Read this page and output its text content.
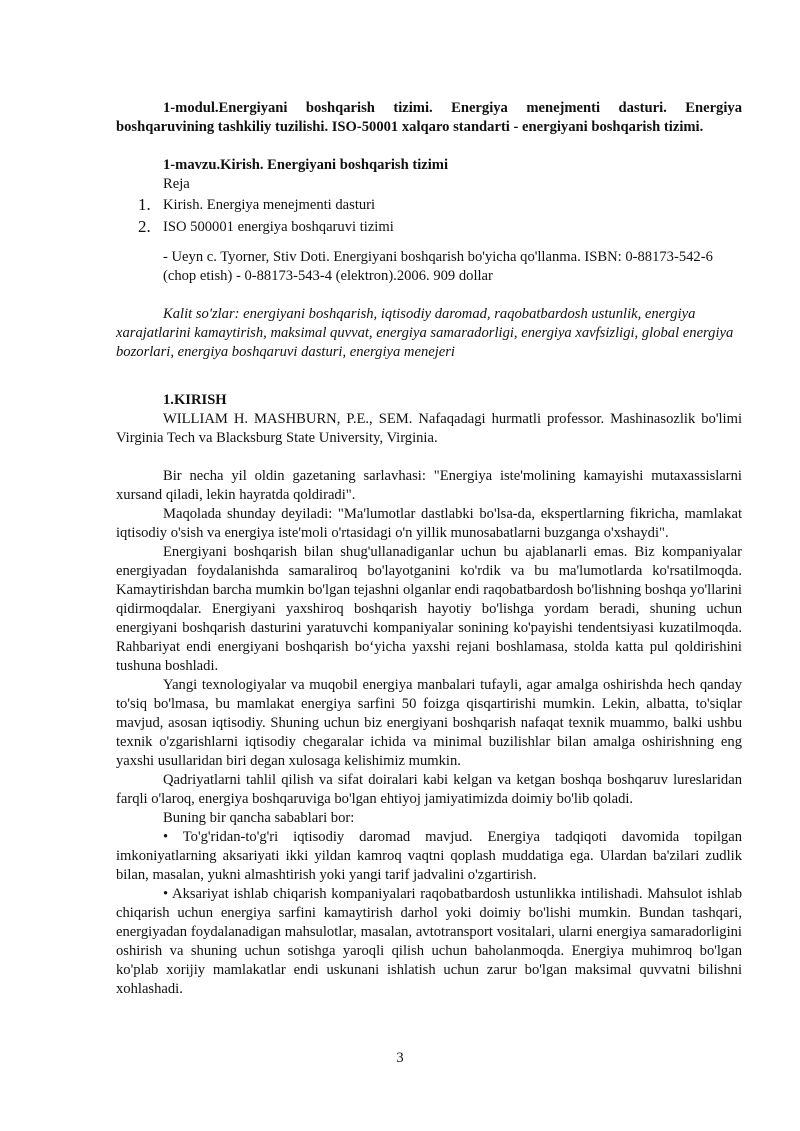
1-modul.Energiyani boshqarish tizimi. Energiya menejmenti dasturi. Energiya boshqaruvining tashkiliy tuzilishi. ISO-50001 xalqaro standarti - energiyani boshqarish tizimi.

1-mavzu.Kirish. Energiyani boshqarish tizimi

Reja

1. Kirish. Energiya menejmenti dasturi
2. ISO 500001 energiya boshqaruvi tizimi

- Ueyn c. Tyorner, Stiv Doti. Energiyani boshqarish bo'yicha qo'llanma. ISBN: 0-88173-542-6 (chop etish) - 0-88173-543-4 (elektron).2006. 909 dollar

Kalit so'zlar: energiyani boshqarish, iqtisodiy daromad, raqobatbardosh ustunlik, energiya xarajatlarini kamaytirish, maksimal quvvat, energiya samaradorligi, energiya xavfsizligi, global energiya bozorlari, energiya boshqaruvi dasturi, energiya menejeri

1.KIRISH

WILLIAM H. MASHBURN, P.E., SEM. Nafaqadagi hurmatli professor. Mashinasozlik bo'limi Virginia Tech va Blacksburg State University, Virginia.

Bir necha yil oldin gazetaning sarlavhasi: "Energiya iste'molining kamayishi mutaxassislarni xursand qiladi, lekin hayratda qoldiradi".

Maqolada shunday deyiladi: "Ma'lumotlar dastlabki bo'lsa-da, ekspertlarning fikricha, mamlakat iqtisodiy o'sish va energiya iste'moli o'rtasidagi o'n yillik munosabatlarni buzganga o'xshaydi".

Energiyani boshqarish bilan shug'ullanadiganlar uchun bu ajablanarli emas. Biz kompaniyalar energiyadan foydalanishda samaraliroq bo'layotganini ko'rdik va bu ma'lumotlarda ko'rsatilmoqda. Kamaytirishdan barcha mumkin bo'lgan tejashni olganlar endi raqobatbardosh bo'lishning boshqa yo'llarini qidirmoqdalar. Energiyani yaxshiroq boshqarish hayotiy bo'lishga yordam beradi, shuning uchun energiyani boshqarish dasturini yaratuvchi kompaniyalar sonining ko'payishi tendentsiyasi kuzatilmoqda. Rahbariyat endi energiyani boshqarish bo‘yicha yaxshi rejani boshlamasa, stolda katta pul qoldirishini tushuna boshladi.

Yangi texnologiyalar va muqobil energiya manbalari tufayli, agar amalga oshirishda hech qanday to'siq bo'lmasa, bu mamlakat energiya sarfini 50 foizga qisqartirishi mumkin. Lekin, albatta, to'siqlar mavjud, asosan iqtisodiy. Shuning uchun biz energiyani boshqarish nafaqat texnik muammo, balki ushbu texnik o'zgarishlarni iqtisodiy chegaralar ichida va minimal buzilishlar bilan amalga oshirishning eng yaxshi usullaridan biri degan xulosaga kelishimiz mumkin.

Qadriyatlarni tahlil qilish va sifat doiralari kabi kelgan va ketgan boshqa boshqaruv lureslaridan farqli o'laroq, energiya boshqaruviga bo'lgan ehtiyoj jamiyatimizda doimiy bo'lib qoladi.

Buning bir qancha sabablari bor:

• To'g'ridan-to'g'ri iqtisodiy daromad mavjud. Energiya tadqiqoti davomida topilgan imkoniyatlarning aksariyati ikki yildan kamroq vaqtni qoplash muddatiga ega. Ulardan ba'zilari zudlik bilan, masalan, yukni almashtirish yoki yangi tarif jadvalini o'zgartirish.

• Aksariyat ishlab chiqarish kompaniyalari raqobatbardosh ustunlikka intilishadi. Mahsulot ishlab chiqarish uchun energiya sarfini kamaytirish darhol yoki doimiy bo'lishi mumkin. Bundan tashqari, energiyadan foydalanadigan mahsulotlar, masalan, avtotransport vositalari, ularni energiya samaradorligini oshirish va shuning uchun sotishga yaroqli qilish uchun baholanmoqda. Energiya muhimroq bo'lgan ko'plab xorijiy mamlakatlar endi uskunani ishlatish uchun zarur bo'lgan maksimal quvvatni bilishni xohlashadi.

3
